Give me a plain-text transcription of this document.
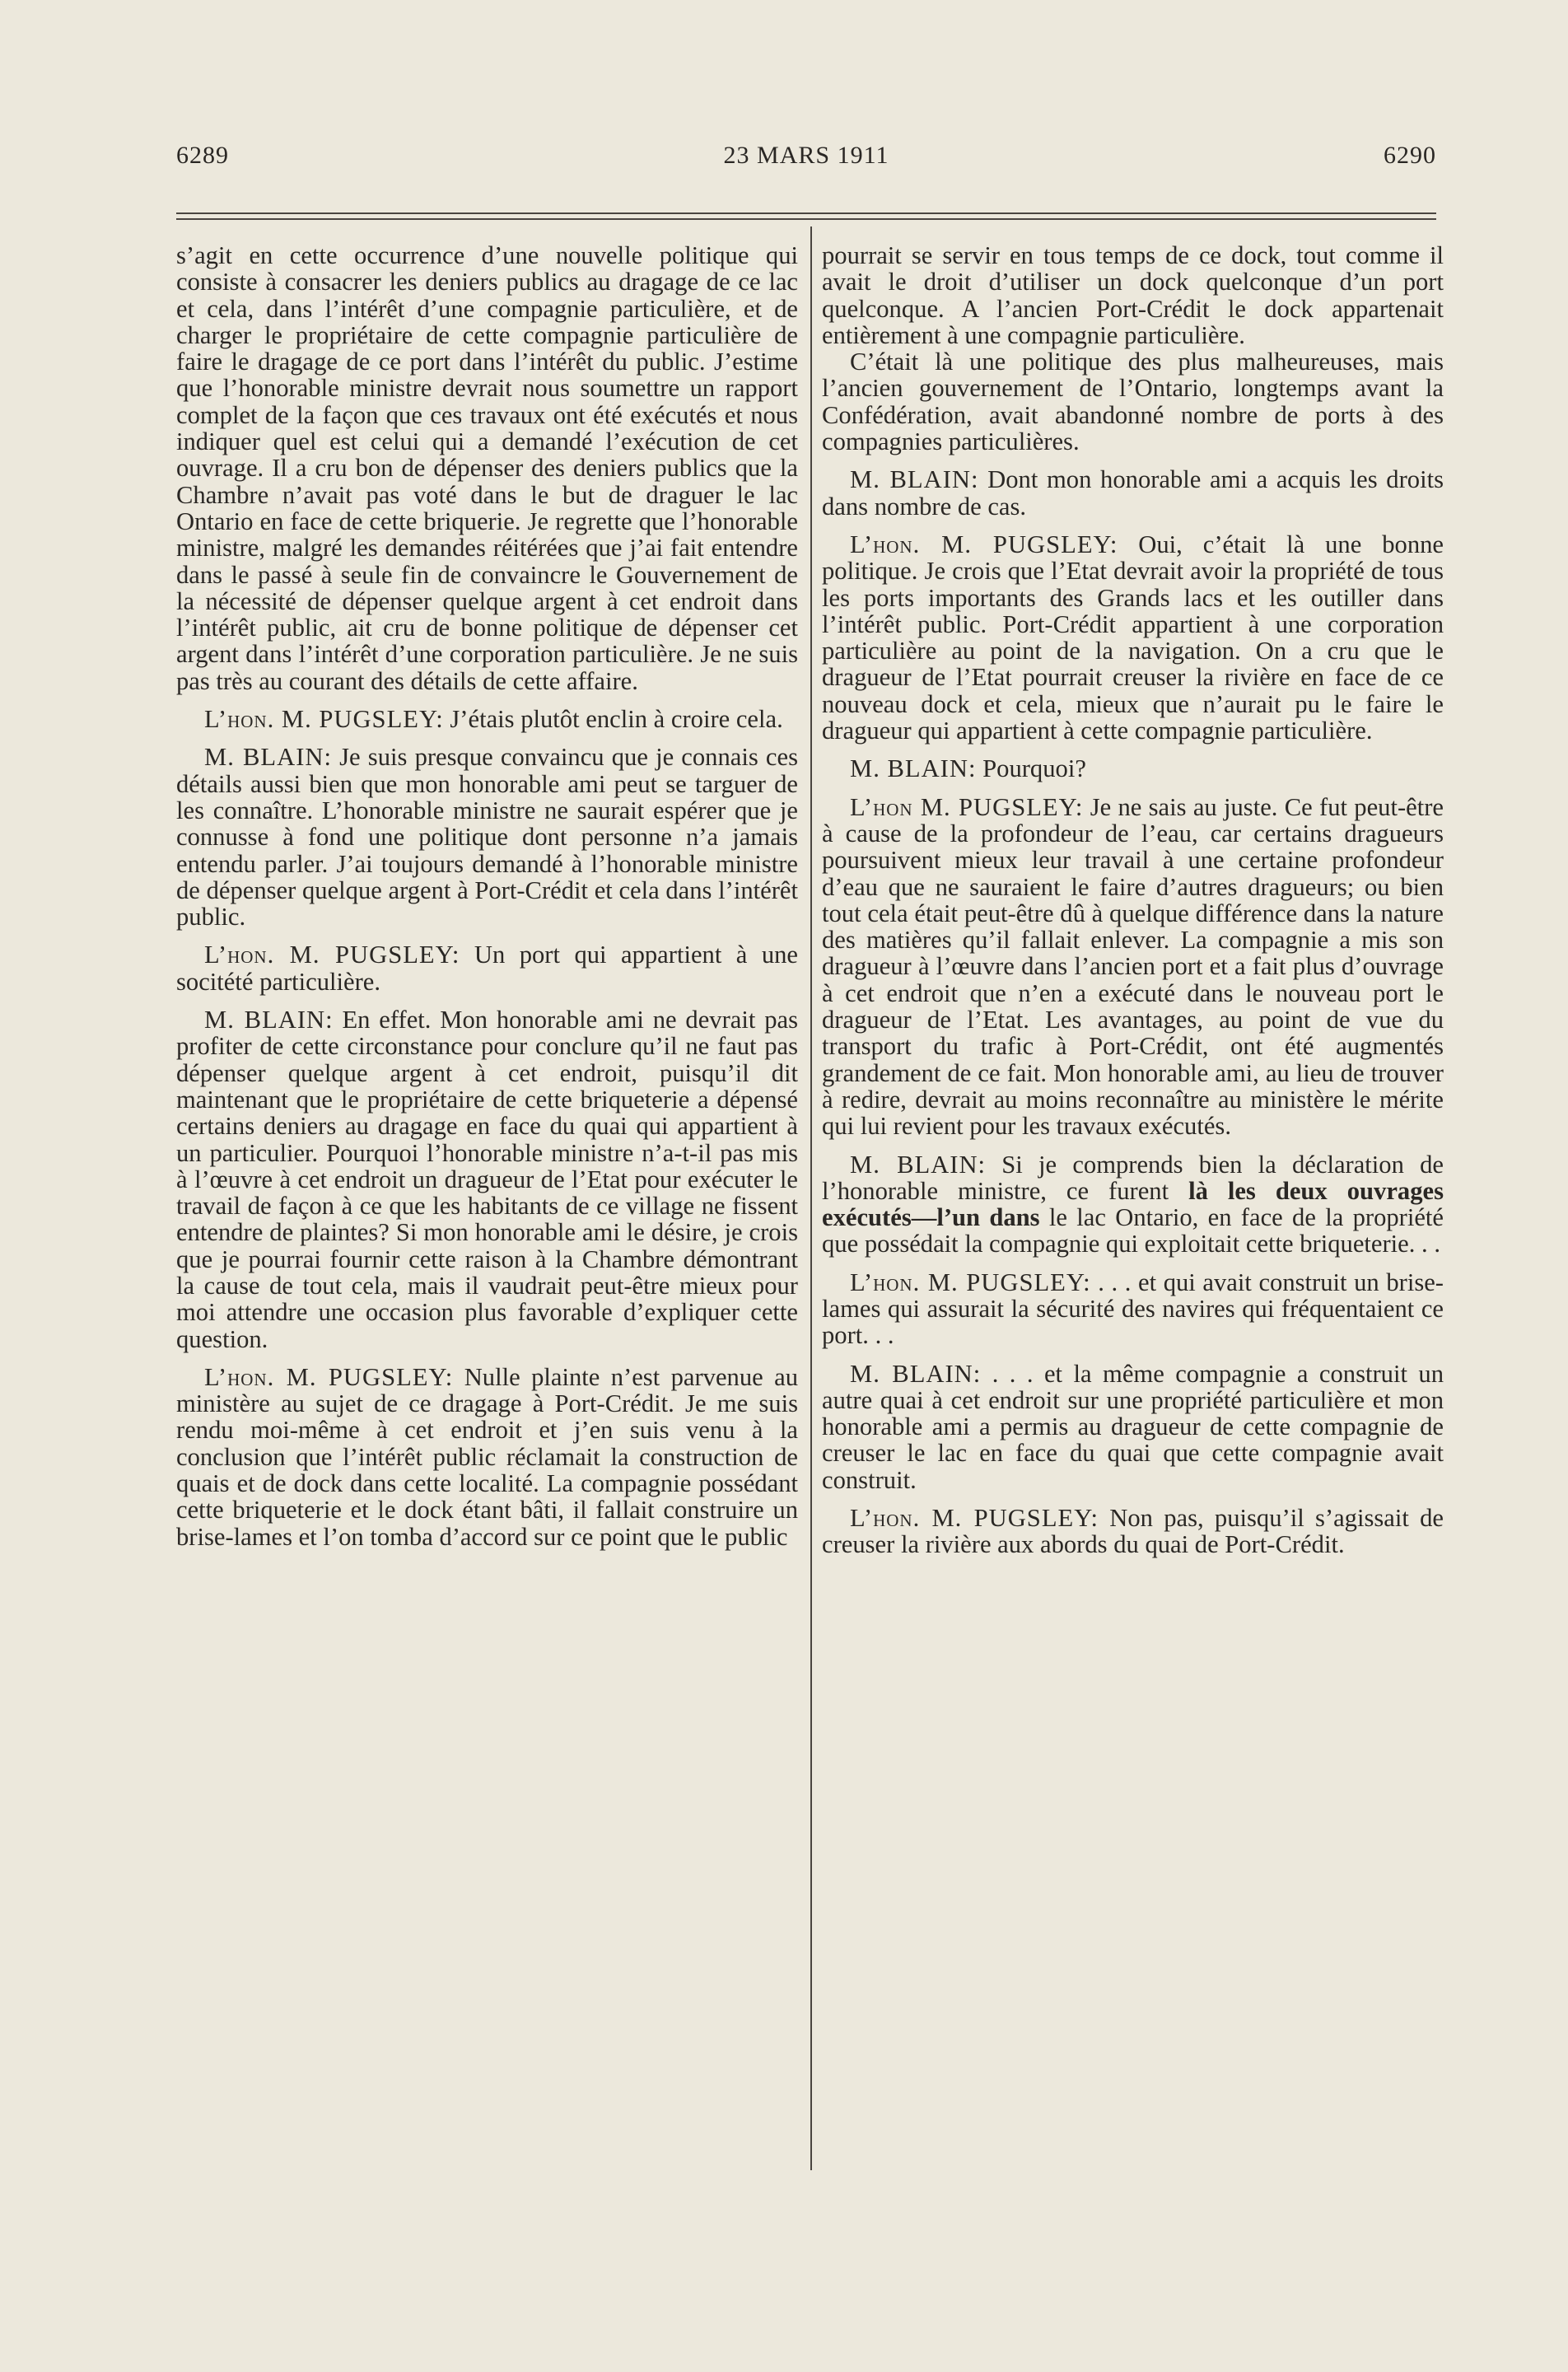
6289	23 MARS 1911	6290

s’agit en cette occurrence d’une nouvelle politique qui consiste à consacrer les deniers publics au dragage de ce lac et cela, dans l’intérêt d’une compagnie particulière, et de charger le propriétaire de cette compagnie particulière de faire le dragage de ce port dans l’intérêt du public. J’estime que l’honorable ministre devrait nous soumettre un rapport complet de la façon que ces travaux ont été exécutés et nous indiquer quel est celui qui a demandé l’exécution de cet ouvrage. Il a cru bon de dépenser des deniers publics que la Chambre n’avait pas voté dans le but de draguer le lac Ontario en face de cette briquerie. Je regrette que l’honorable ministre, malgré les demandes réitérées que j’ai fait entendre dans le passé à seule fin de convaincre le Gouvernement de la nécessité de dépenser quelque argent à cet endroit dans l’intérêt public, ait cru de bonne politique de dépenser cet argent dans l’intérêt d’une corporation particulière. Je ne suis pas très au courant des détails de cette affaire.

L’hon. M. PUGSLEY: J’étais plutôt enclin à croire cela.

M. BLAIN: Je suis presque convaincu que je connais ces détails aussi bien que mon honorable ami peut se targuer de les connaître. L’honorable ministre ne saurait espérer que je connusse à fond une politique dont personne n’a jamais entendu parler. J’ai toujours demandé à l’honorable ministre de dépenser quelque argent à Port-Crédit et cela dans l’intérêt public.

L’hon. M. PUGSLEY: Un port qui appartient à une socitété particulière.

M. BLAIN: En effet. Mon honorable ami ne devrait pas profiter de cette circonstance pour conclure qu’il ne faut pas dépenser quelque argent à cet endroit, puisqu’il dit maintenant que le propriétaire de cette briqueterie a dépensé certains deniers au dragage en face du quai qui appartient à un particulier. Pourquoi l’honorable ministre n’a-t-il pas mis à l’œuvre à cet endroit un dragueur de l’Etat pour exécuter le travail de façon à ce que les habitants de ce village ne fissent entendre de plaintes? Si mon honorable ami le désire, je crois que je pourrai fournir cette raison à la Chambre démontrant la cause de tout cela, mais il vaudrait peut-être mieux pour moi attendre une occasion plus favorable d’expliquer cette question.

L’hon. M. PUGSLEY: Nulle plainte n’est parvenue au ministère au sujet de ce dragage à Port-Crédit. Je me suis rendu moi-même à cet endroit et j’en suis venu à la conclusion que l’intérêt public réclamait la construction de quais et de dock dans cette localité. La compagnie possédant cette briqueterie et le dock étant bâti, il fallait construire un brise-lames et l’on tomba d’accord sur ce point que le public

pourrait se servir en tous temps de ce dock, tout comme il avait le droit d’utiliser un dock quelconque d’un port quelconque. A l’ancien Port-Crédit le dock appartenait entièrement à une compagnie particulière.

C’était là une politique des plus malheureuses, mais l’ancien gouvernement de l’Ontario, longtemps avant la Confédération, avait abandonné nombre de ports à des compagnies particulières.

M. BLAIN: Dont mon honorable ami a acquis les droits dans nombre de cas.

L’hon. M. PUGSLEY: Oui, c’était là une bonne politique. Je crois que l’Etat devrait avoir la propriété de tous les ports importants des Grands lacs et les outiller dans l’intérêt public. Port-Crédit appartient à une corporation particulière au point de la navigation. On a cru que le dragueur de l’Etat pourrait creuser la rivière en face de ce nouveau dock et cela, mieux que n’aurait pu le faire le dragueur qui appartient à cette compagnie particulière.

M. BLAIN: Pourquoi?

L’hon M. PUGSLEY: Je ne sais au juste. Ce fut peut-être à cause de la profondeur de l’eau, car certains dragueurs poursuivent mieux leur travail à une certaine profondeur d’eau que ne sauraient le faire d’autres dragueurs; ou bien tout cela était peut-être dû à quelque différence dans la nature des matières qu’il fallait enlever. La compagnie a mis son dragueur à l’œuvre dans l’ancien port et a fait plus d’ouvrage à cet endroit que n’en a exécuté dans le nouveau port le dragueur de l’Etat. Les avantages, au point de vue du transport du trafic à Port-Crédit, ont été augmentés grandement de ce fait. Mon honorable ami, au lieu de trouver à redire, devrait au moins reconnaître au ministère le mérite qui lui revient pour les travaux exécutés.

M. BLAIN: Si je comprends bien la déclaration de l’honorable ministre, ce furent là les deux ouvrages exécutés—l’un dans le lac Ontario, en face de la propriété que possédait la compagnie qui exploitait cette briqueterie. . .

L’hon. M. PUGSLEY: . . . et qui avait construit un brise-lames qui assurait la sécurité des navires qui fréquentaient ce port. . .

M. BLAIN: . . . et la même compagnie a construit un autre quai à cet endroit sur une propriété particulière et mon honorable ami a permis au dragueur de cette compagnie de creuser le lac en face du quai que cette compagnie avait construit.

L’hon. M. PUGSLEY: Non pas, puisqu’il s’agissait de creuser la rivière aux abords du quai de Port-Crédit.
